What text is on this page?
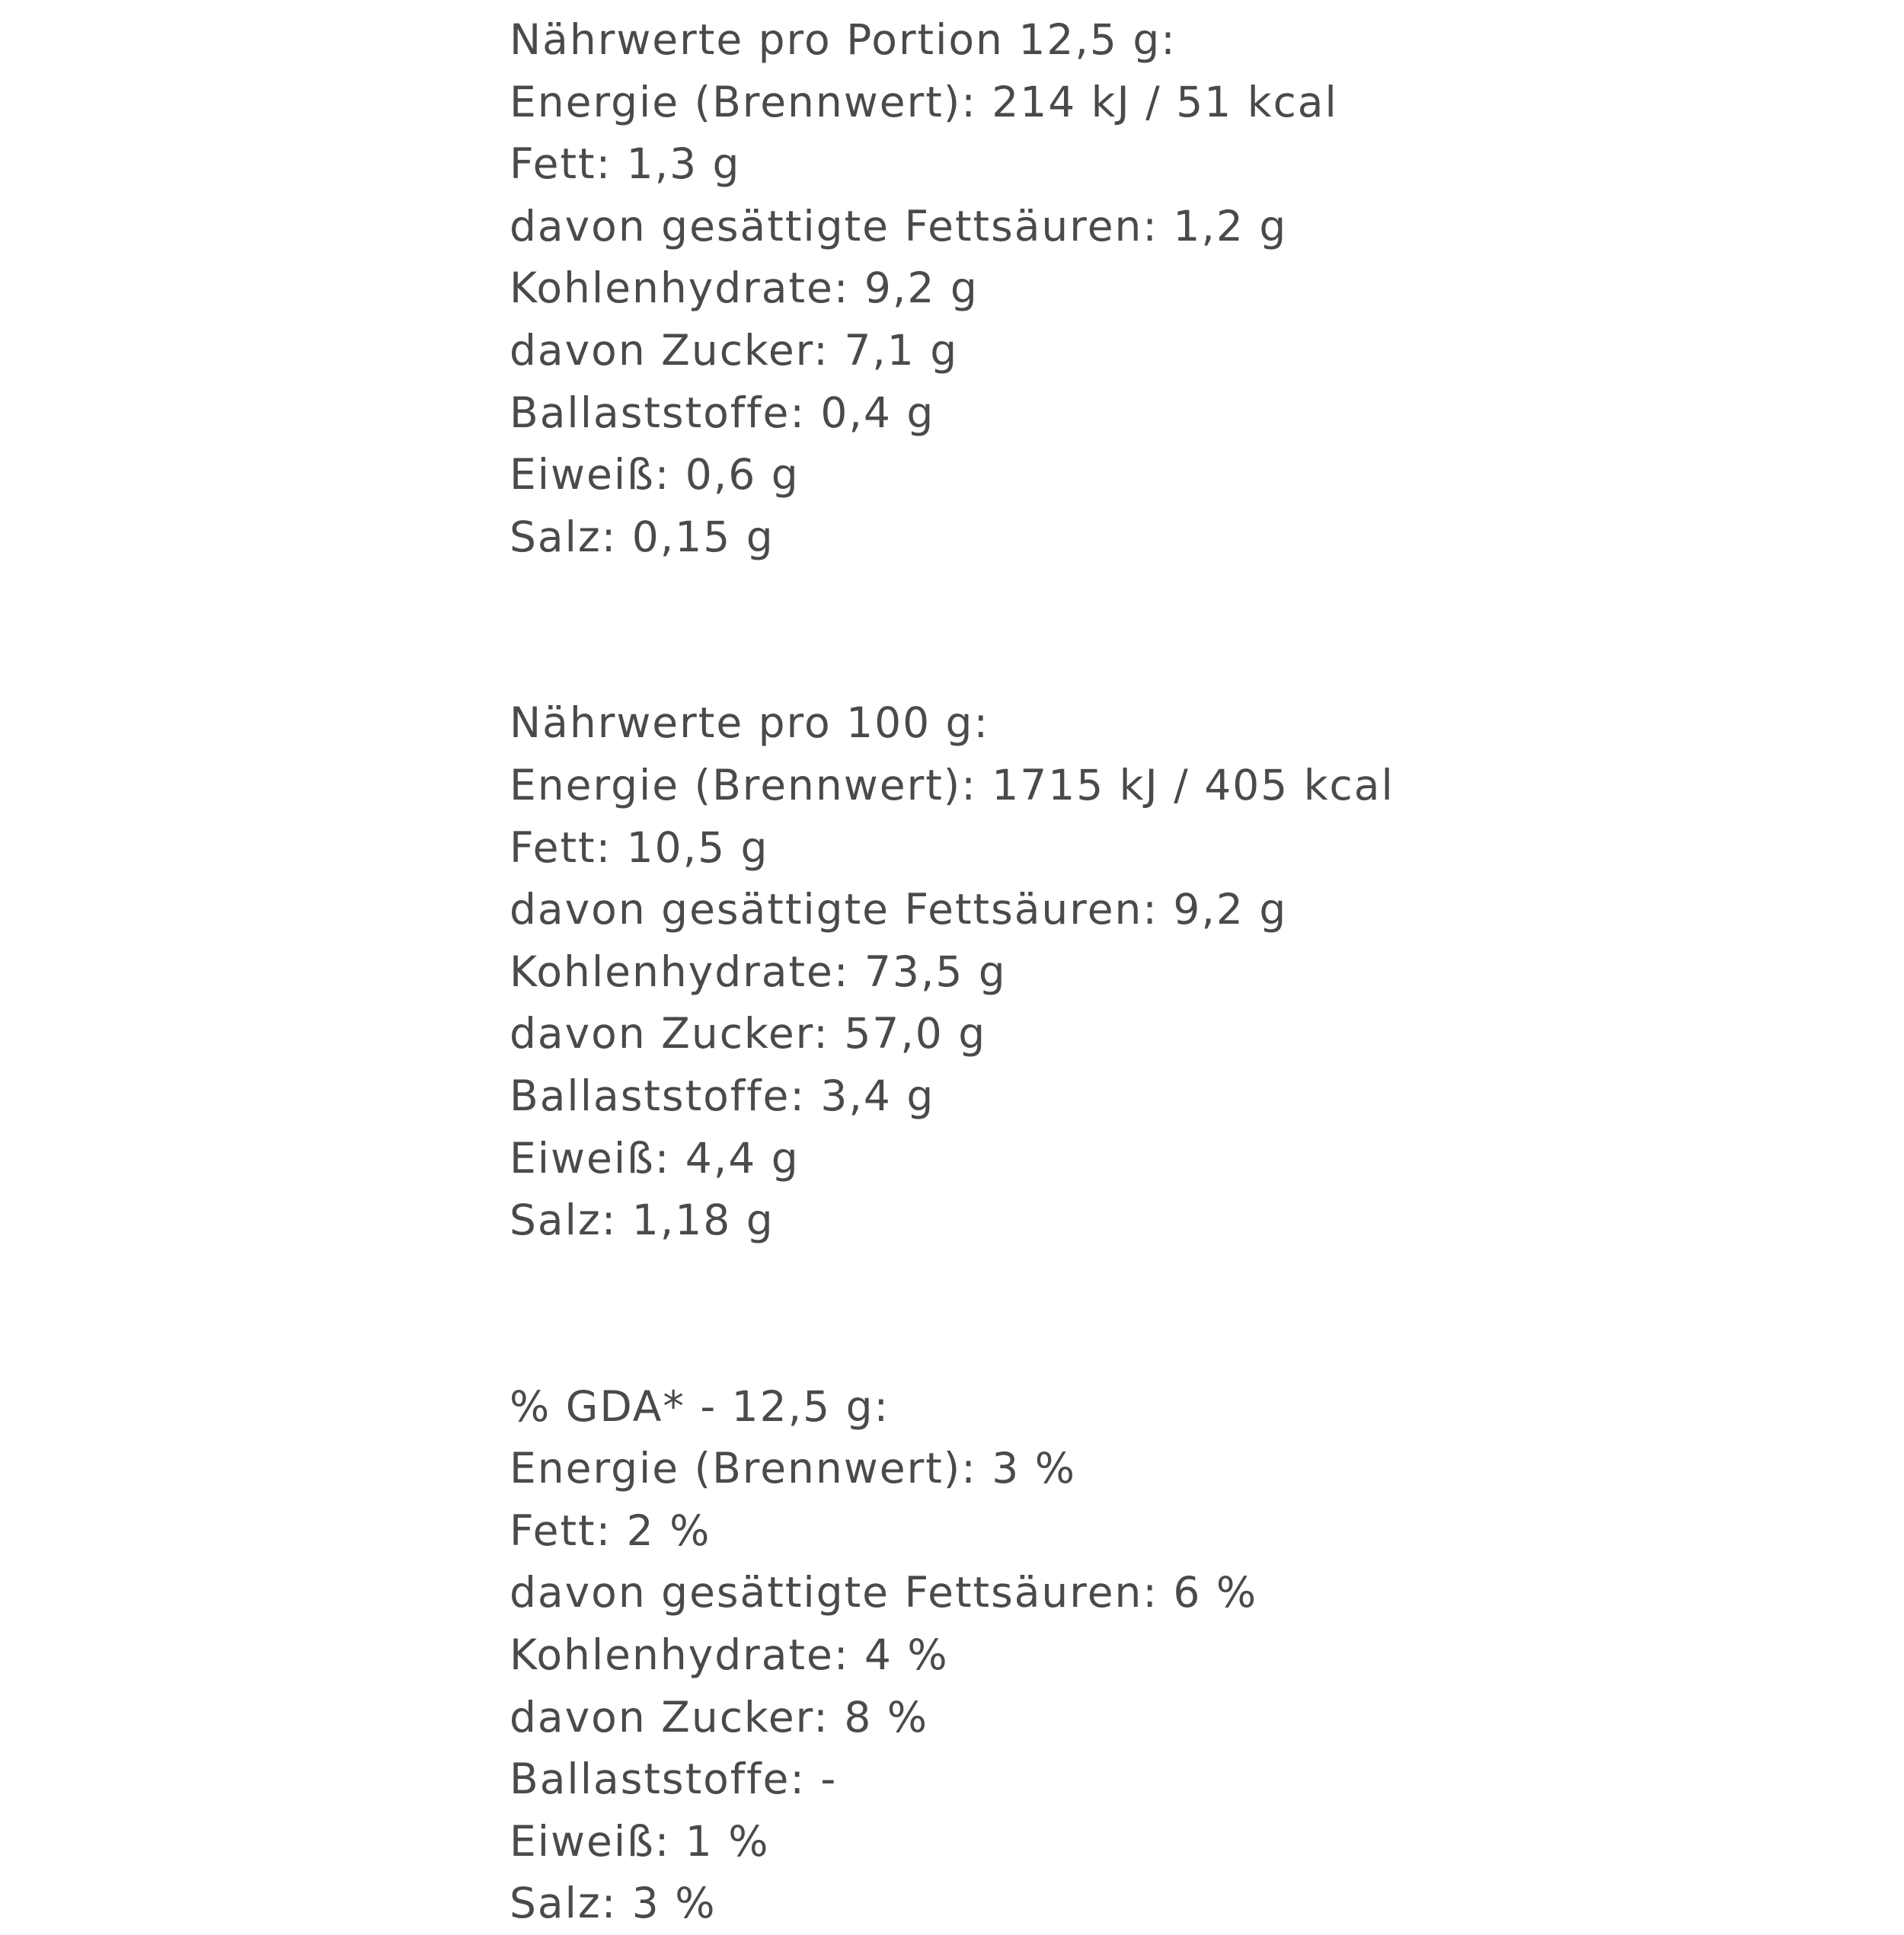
Nährwerte pro Portion 12,5 g:
Energie (Brennwert): 214 kJ / 51 kcal
Fett: 1,3 g
davon gesättigte Fettsäuren: 1,2 g
Kohlenhydrate: 9,2 g
davon Zucker: 7,1 g
Ballaststoffe: 0,4 g
Eiweiß: 0,6 g
Salz: 0,15 g
Nährwerte pro 100 g:
Energie (Brennwert): 1715 kJ / 405 kcal
Fett: 10,5 g
davon gesättigte Fettsäuren: 9,2 g
Kohlenhydrate: 73,5 g
davon Zucker: 57,0 g
Ballaststoffe: 3,4 g
Eiweiß: 4,4 g
Salz: 1,18 g
% GDA* - 12,5 g:
Energie (Brennwert): 3 %
Fett: 2 %
davon gesättigte Fettsäuren: 6 %
Kohlenhydrate: 4 %
davon Zucker: 8 %
Ballaststoffe: -
Eiweiß: 1 %
Salz: 3 %
